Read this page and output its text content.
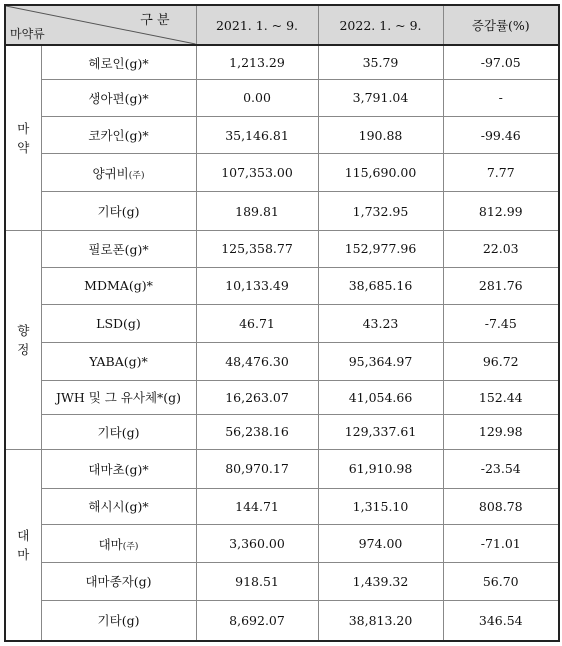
구 분
마약류		2021. 1. ~ 9.	2022. 1. ~ 9.	증감률(%)

마
약	헤로인(g)*	1,213.29	35.79	-97.05
	생아편(g)*	0.00	3,791.04	-
	코카인(g)*	35,146.81	190.88	-99.46
	양귀비(주)	107,353.00	115,690.00	7.77
	기타(g)	189.81	1,732.95	812.99

향
정	필로폰(g)*	125,358.77	152,977.96	22.03
	MDMA(g)*	10,133.49	38,685.16	281.76
	LSD(g)	46.71	43.23	-7.45
	YABA(g)*	48,476.30	95,364.97	96.72
	JWH 및 그 유사체*(g)	16,263.07	41,054.66	152.44
	기타(g)	56,238.16	129,337.61	129.98

대
마	대마초(g)*	80,970.17	61,910.98	-23.54
	해시시(g)*	144.71	1,315.10	808.78
	대마(주)	3,360.00	974.00	-71.01
	대마종자(g)	918.51	1,439.32	56.70
	기타(g)	8,692.07	38,813.20	346.54
